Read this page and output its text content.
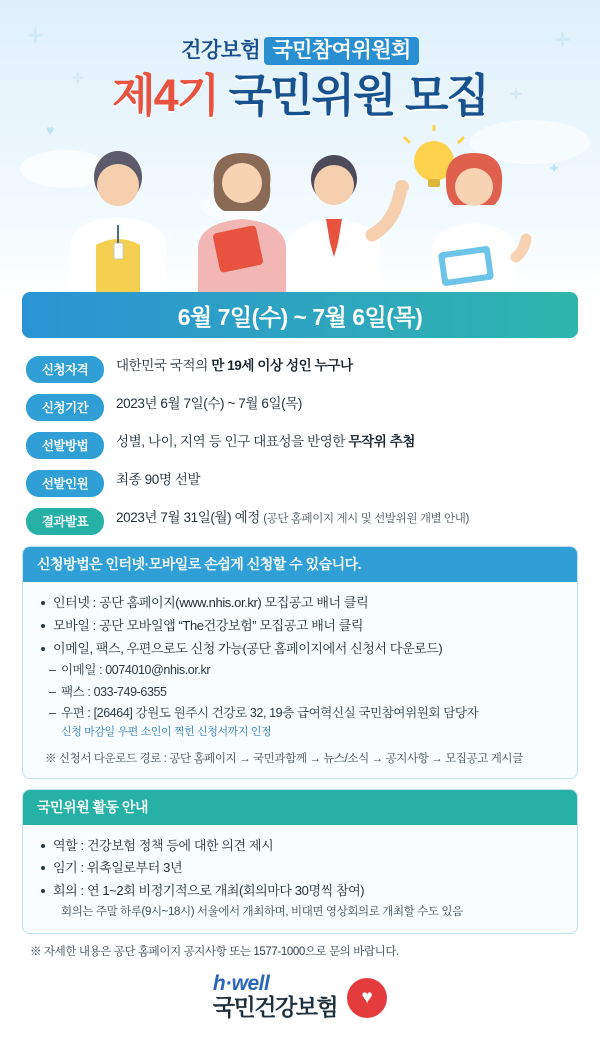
✛
✛
✛
✛
♥
✦
건강보험 국민참여위원회
제4기 국민위원 모집
6월 7일(수) ~ 7월 6일(목)
신청자격	대한민국 국적의 만 19세 이상 성인 누구나
신청기간	2023년 6월 7일(수) ~ 7월 6일(목)
선발방법	성별, 나이, 지역 등 인구 대표성을 반영한 무작위 추첨
선발인원	최종 90명 선발
결과발표	2023년 7월 31일(월) 예정 (공단 홈페이지 게시 및 선발위원 개별 안내)
신청방법은 인터넷·모바일로 손쉽게 신청할 수 있습니다.
인터넷 : 공단 홈페이지(www.nhis.or.kr) 모집공고 배너 클릭
모바일 : 공단 모바일앱 “The건강보험” 모집공고 배너 클릭
이메일, 팩스, 우편으로도 신청 가능(공단 홈페이지에서 신청서 다운로드)
– 이메일 : 0074010@nhis.or.kr
– 팩스 : 033-749-6355
– 우편 : [26464] 강원도 원주시 건강로 32, 19층 급여혁신실 국민참여위원회 담당자
신청 마감일 우편 소인이 찍힌 신청서까지 인정
※ 신청서 다운로드 경로 : 공단 홈페이지 → 국민과함께 → 뉴스/소식 → 공지사항 → 모집공고 게시글
국민위원 활동 안내
역할 : 건강보험 정책 등에 대한 의견 제시
임기 : 위촉일로부터 3년
회의 : 연 1~2회 비정기적으로 개최(회의마다 30명씩 참여)
회의는 주말 하루(9시~18시) 서울에서 개최하며, 비대면 영상회의로 개최할 수도 있음
※ 자세한 내용은 공단 홈페이지 공지사항 또는 1577-1000으로 문의 바랍니다.
h·well
국민건강보험	♥
